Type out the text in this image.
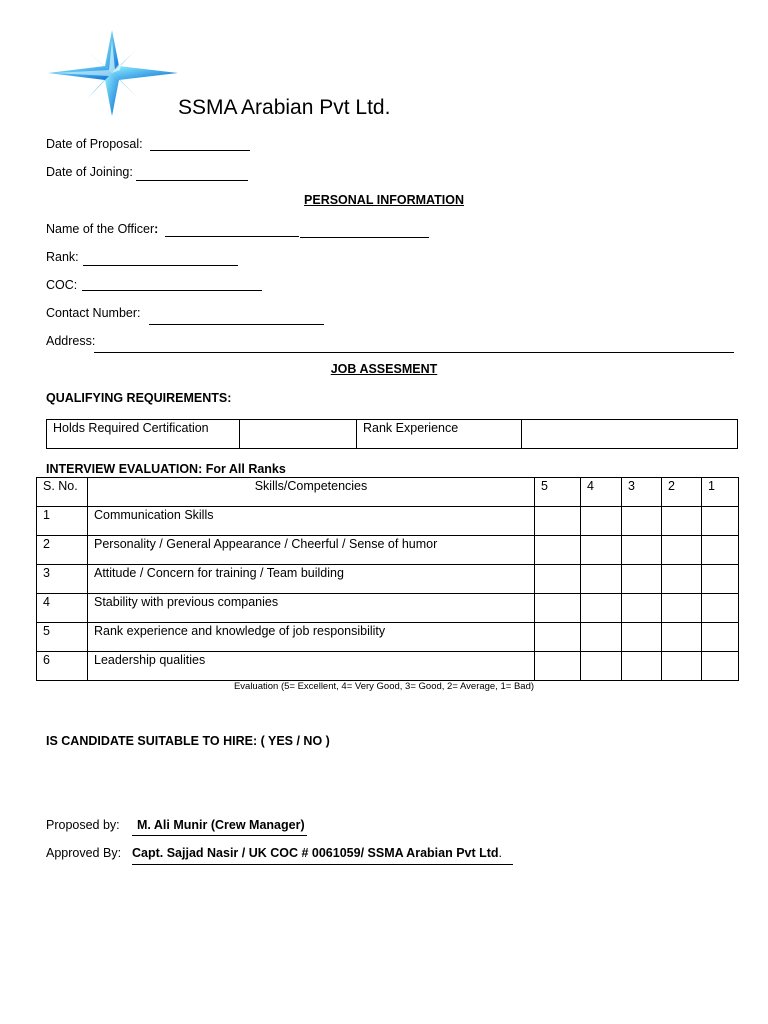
SSMA Arabian Pvt Ltd.
Date of Proposal:
Date of Joining:
PERSONAL INFORMATION
Name of the Officer:
Rank:
COC:
Contact Number:
Address:
JOB ASSESMENT
QUALIFYING REQUIREMENTS:
Holds Required Certification		Rank Experience	
INTERVIEW EVALUATION: For All Ranks
S. No.	Skills/Competencies	5	4	3	2	1
1	Communication Skills					
2	Personality / General Appearance / Cheerful / Sense of humor					
3	Attitude / Concern for training / Team building					
4	Stability with previous companies					
5	Rank experience and knowledge of job responsibility					
6	Leadership qualities					
Evaluation (5= Excellent, 4= Very Good, 3= Good, 2= Average, 1= Bad)
IS CANDIDATE SUITABLE TO HIRE: ( YES / NO )
Proposed by: M. Ali Munir (Crew Manager)
Approved By: Capt. Sajjad Nasir / UK COC # 0061059/ SSMA Arabian Pvt Ltd.
